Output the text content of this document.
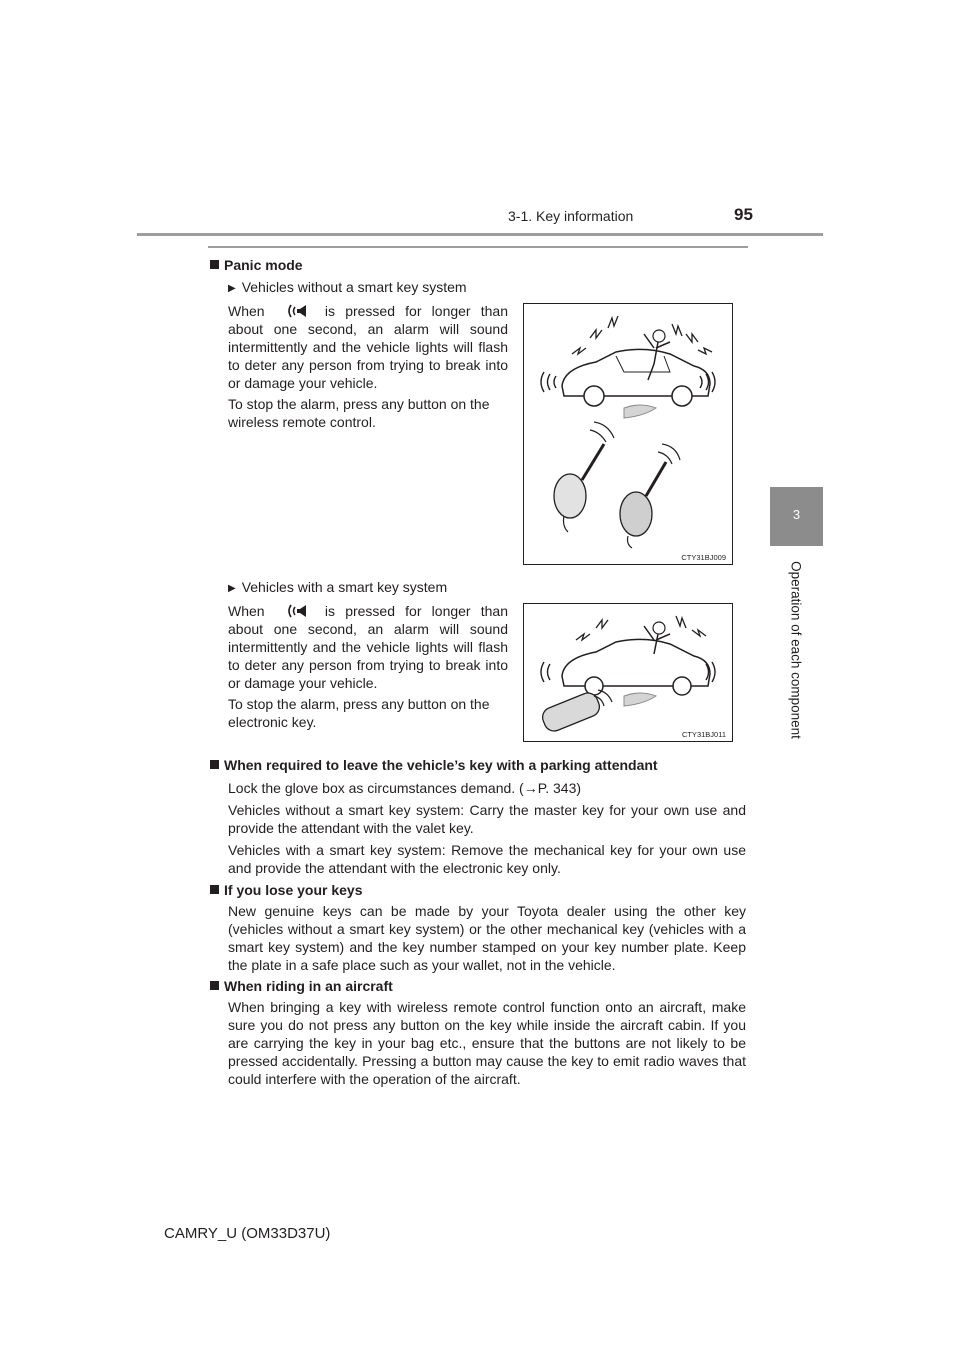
3-1. Key information	95
3
Operation of each component
Panic mode
▶ Vehicles without a smart key system
When	is pressed for longer than about one second, an alarm will sound intermittently and the vehicle lights will flash to deter any person from trying to break into or damage your vehicle.
To stop the alarm, press any button on the wireless remote control.
CTY31BJ009
▶ Vehicles with a smart key system
When	is pressed for longer than about one second, an alarm will sound intermittently and the vehicle lights will flash to deter any person from trying to break into or damage your vehicle.
To stop the alarm, press any button on the electronic key.
CTY31BJ011
When required to leave the vehicle’s key with a parking attendant
Lock the glove box as circumstances demand. (→P. 343)
Vehicles without a smart key system: Carry the master key for your own use and provide the attendant with the valet key.
Vehicles with a smart key system: Remove the mechanical key for your own use and provide the attendant with the electronic key only.
If you lose your keys
New genuine keys can be made by your Toyota dealer using the other key (vehicles without a smart key system) or the other mechanical key (vehicles with a smart key system) and the key number stamped on your key number plate. Keep the plate in a safe place such as your wallet, not in the vehicle.
When riding in an aircraft
When bringing a key with wireless remote control function onto an aircraft, make sure you do not press any button on the key while inside the aircraft cabin. If you are carrying the key in your bag etc., ensure that the buttons are not likely to be pressed accidentally. Pressing a button may cause the key to emit radio waves that could interfere with the operation of the aircraft.
CAMRY_U (OM33D37U)
